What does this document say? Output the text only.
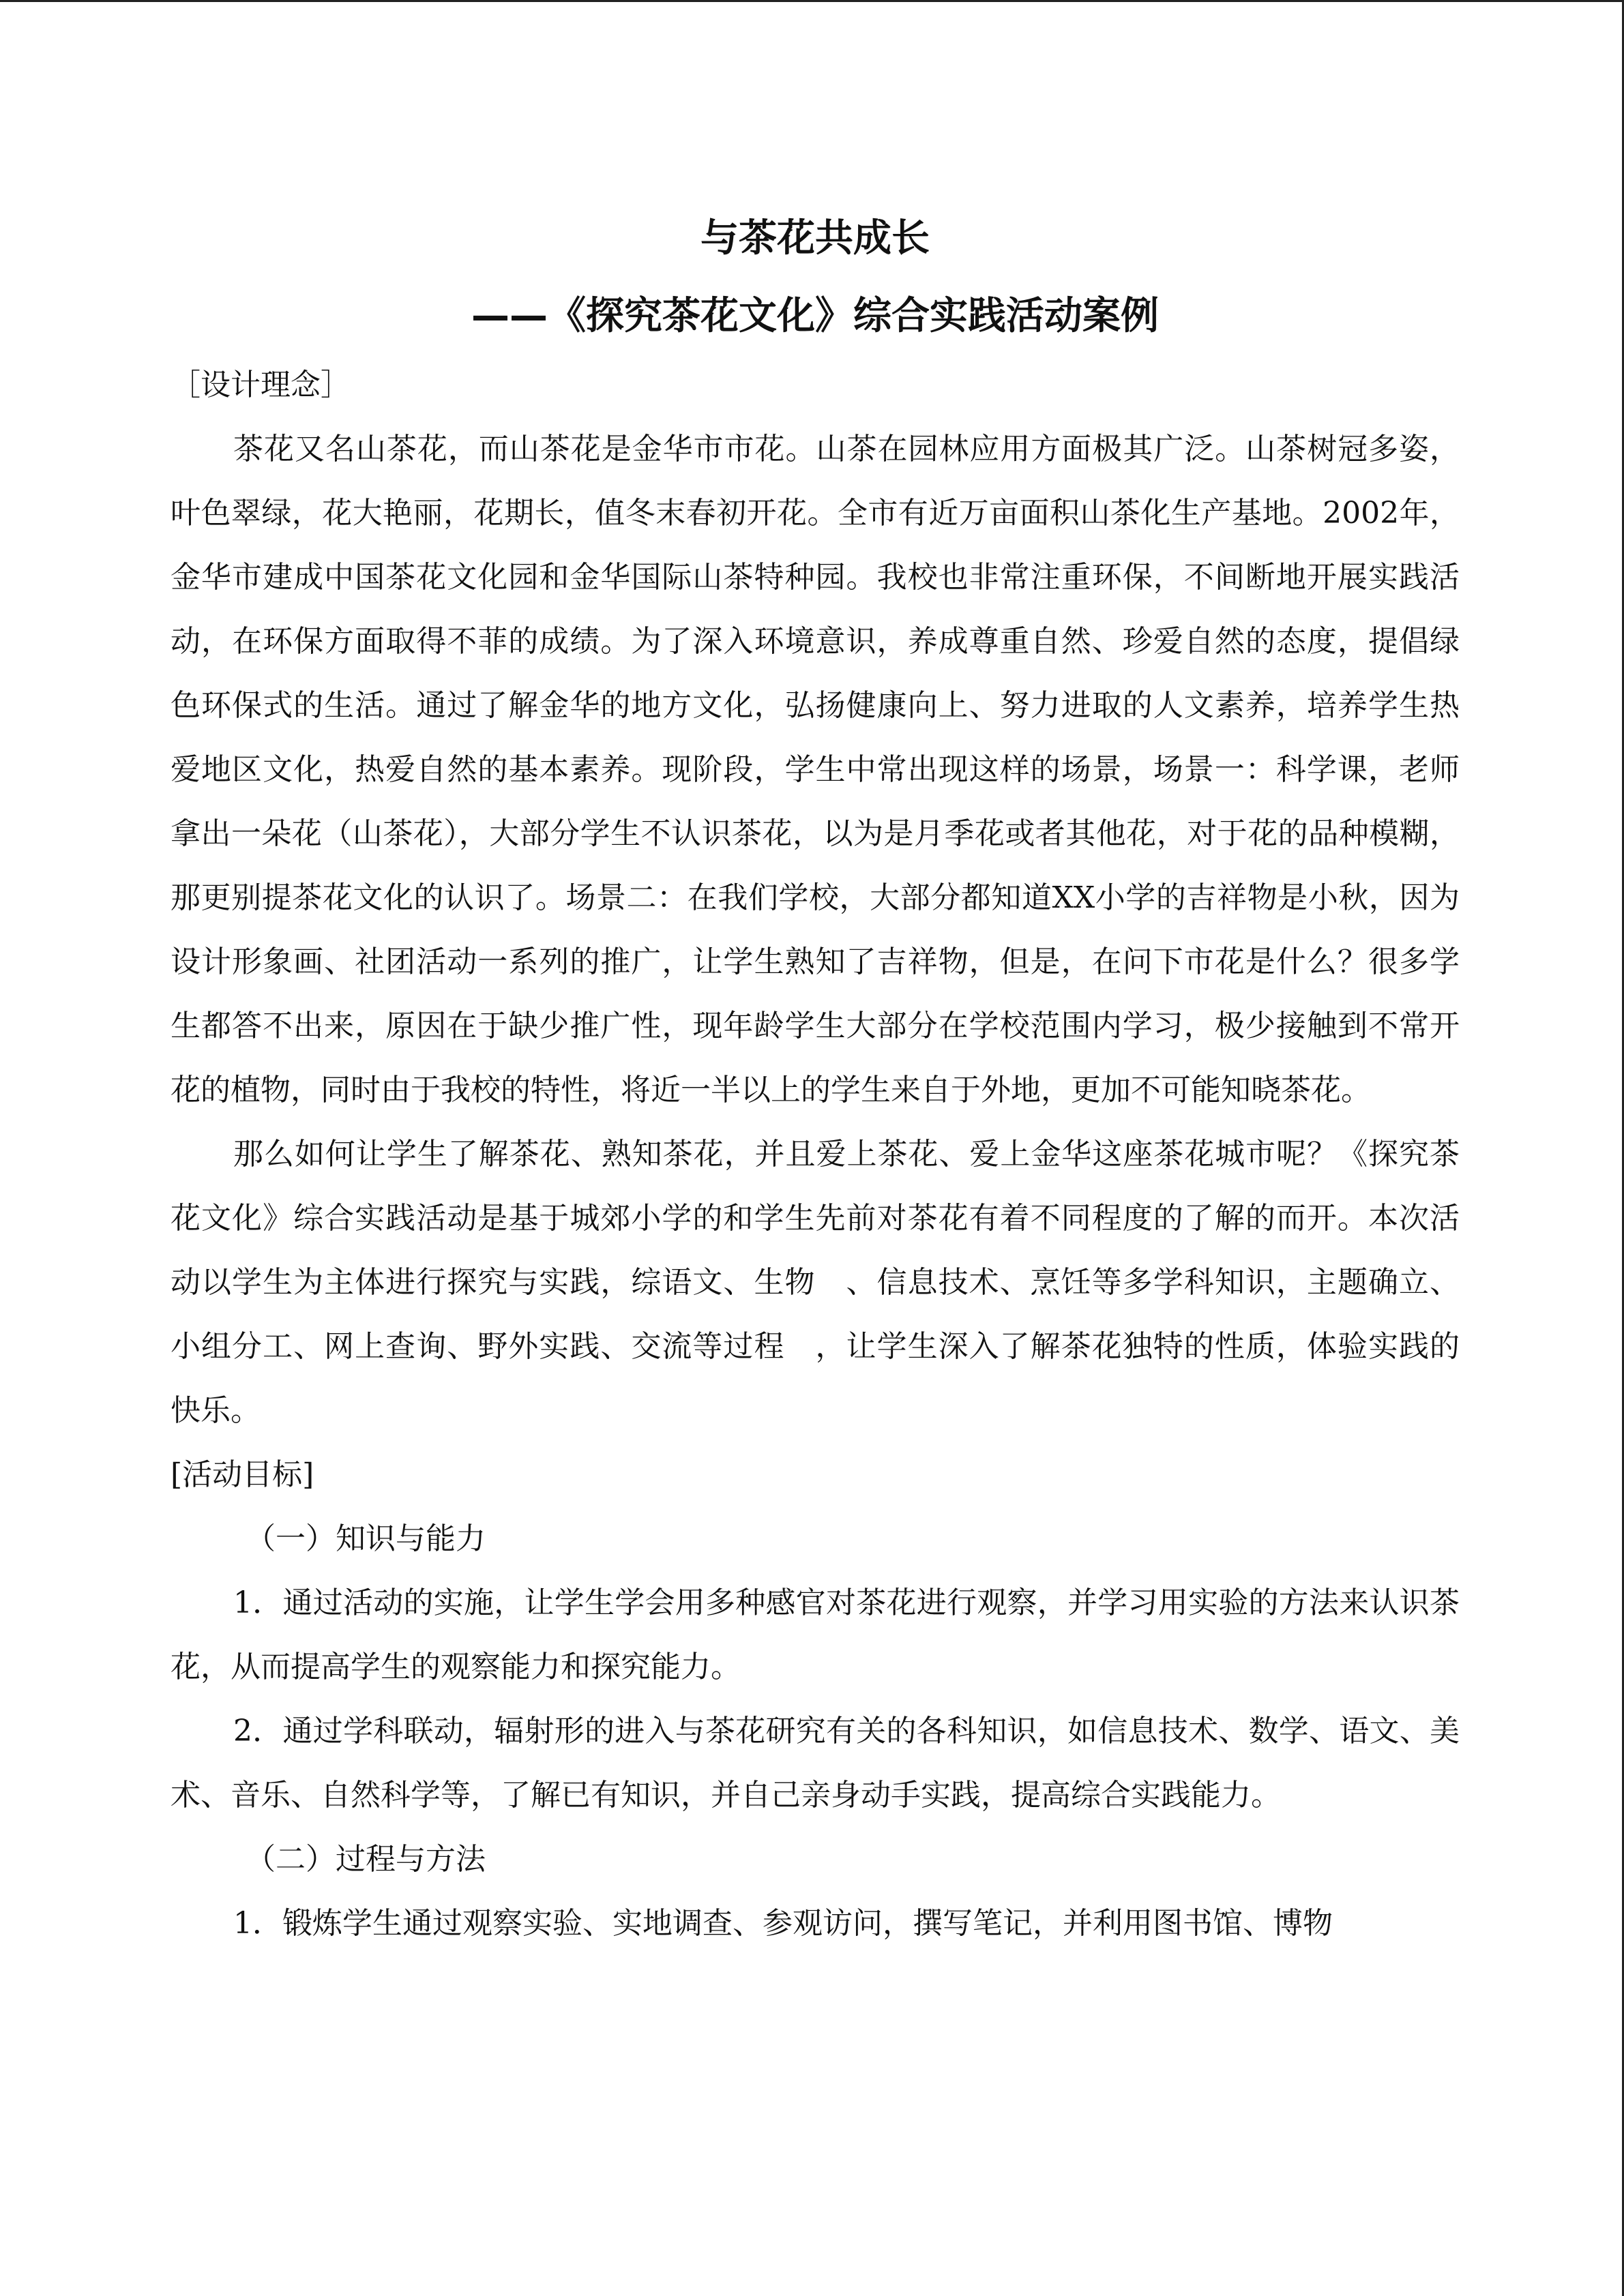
与茶花共成长
——《探究茶花文化》综合实践活动案例
［设计理念］

茶花又名山茶花，而山茶花是金华市市花。山茶在园林应用方面极其广泛。山茶树冠多姿，叶色翠绿，花大艳丽，花期长，值冬末春初开花。全市有近万亩面积山茶化生产基地。2002年，金华市建成中国茶花文化园和金华国际山茶特种园。我校也非常注重环保，不间断地开展实践活动，在环保方面取得不菲的成绩。为了深入环境意识，养成尊重自然、珍爱自然的态度，提倡绿色环保式的生活。通过了解金华的地方文化，弘扬健康向上、努力进取的人文素养，培养学生热爱地区文化，热爱自然的基本素养。现阶段，学生中常出现这样的场景，场景一：科学课，老师拿出一朵花（山茶花），大部分学生不认识茶花，以为是月季花或者其他花，对于花的品种模糊，那更别提茶花文化的认识了。场景二：在我们学校，大部分都知道XX小学的吉祥物是小秋，因为设计形象画、社团活动一系列的推广，让学生熟知了吉祥物，但是，在问下市花是什么？很多学生都答不出来，原因在于缺少推广性，现年龄学生大部分在学校范围内学习，极少接触到不常开花的植物，同时由于我校的特性，将近一半以上的学生来自于外地，更加不可能知晓茶花。

那么如何让学生了解茶花、熟知茶花，并且爱上茶花、爱上金华这座茶花城市呢？《探究茶花文化》综合实践活动是基于城郊小学的和学生先前对茶花有着不同程度的了解的而开。本次活动以学生为主体进行探究与实践，综语文、生物　、信息技术、烹饪等多学科知识，主题确立、小组分工、网上查询、野外实践、交流等过程　，让学生深入了解茶花独特的性质，体验实践的快乐。

[活动目标]
（一）知识与能力

1．通过活动的实施，让学生学会用多种感官对茶花进行观察，并学习用实验的方法来认识茶花，从而提高学生的观察能力和探究能力。

2．通过学科联动，辐射形的进入与茶花研究有关的各科知识，如信息技术、数学、语文、美术、音乐、自然科学等，了解已有知识，并自己亲身动手实践，提高综合实践能力。

（二）过程与方法

1．锻炼学生通过观察实验、实地调查、参观访问，撰写笔记，并利用图书馆、博物
